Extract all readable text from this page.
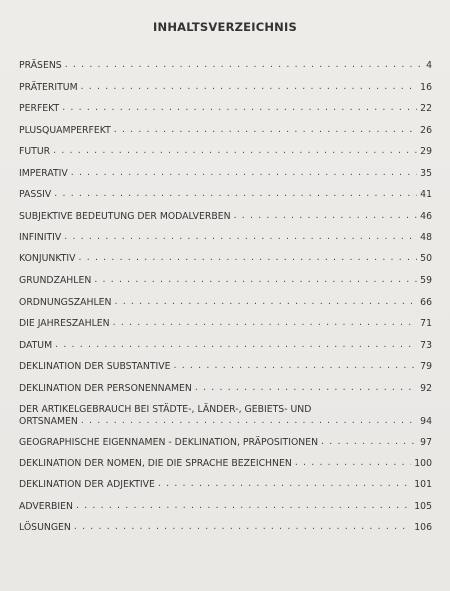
INHALTSVERZEICHNIS
PRÄSENS . . .	4
PRÄTERITUM . . .	16
PERFEKT . . .	22
PLUSQUAMPERFEKT . . .	26
FUTUR . . .	29
IMPERATIV . . .	35
PASSIV . . .	41
SUBJEKTIVE BEDEUTUNG DER MODALVERBEN . . .	46
INFINITIV . . .	48
KONJUNKTIV . . .	50
GRUNDZAHLEN . . .	59
ORDNUNGSZAHLEN . . .	66
DIE JAHRESZAHLEN . . .	71
DATUM . . .	73
DEKLINATION DER SUBSTANTIVE . . .	79
DEKLINATION DER PERSONENNAMEN . . .	92
DER ARTIKELGEBRAUCH BEI STÄDTE-, LÄNDER-, GEBIETS- UND
ORTSNAMEN . . .	94
GEOGRAPHISCHE EIGENNAMEN - DEKLINATION, PRÄPOSITIONEN . . .	97
DEKLINATION DER NOMEN, DIE DIE SPRACHE BEZEICHNEN . . .	100
DEKLINATION DER ADJEKTIVE . . .	101
ADVERBIEN . . .	105
LÖSUNGEN . . .	106
